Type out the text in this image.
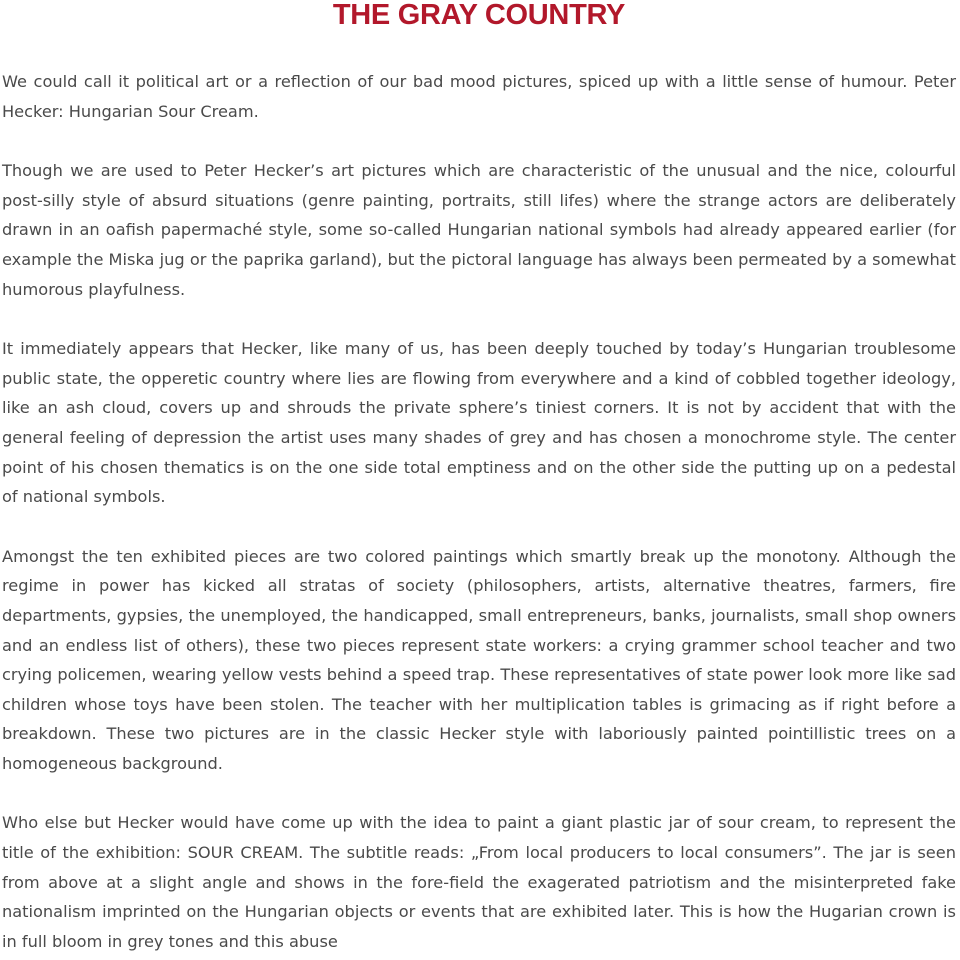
THE GRAY COUNTRY

We could call it political art or a reflection of our bad mood pictures, spiced up with a little sense of humour. Peter Hecker: Hungarian Sour Cream.

Though we are used to Peter Hecker’s art pictures which are characteristic of the unusual and the nice, colourful post-silly style of absurd situations (genre painting, portraits, still lifes) where the strange actors are deliberately drawn in an oafish papermaché style, some so-called Hungarian national symbols had already appeared earlier (for example the Miska jug or the paprika garland), but the pictoral language has always been permeated by a somewhat humorous playfulness.

It immediately appears that Hecker, like many of us, has been deeply touched by today’s Hungarian troublesome public state, the opperetic country where lies are flowing from everywhere and a kind of cobbled together ideology, like an ash cloud, covers up and shrouds the private sphere’s tiniest corners. It is not by accident that with the general feeling of depression the artist uses many shades of grey and has chosen a monochrome style. The center point of his chosen thematics is on the one side total emptiness and on the other side the putting up on a pedestal of national symbols.

Amongst the ten exhibited pieces are two colored paintings which smartly break up the monotony. Although the regime in power has kicked all stratas of society (philosophers, artists, alternative theatres, farmers, fire departments, gypsies, the unemployed, the handicapped, small entrepreneurs, banks, journalists, small shop owners and an endless list of others), these two pieces represent state workers: a crying grammer school teacher and two crying policemen, wearing yellow vests behind a speed trap. These representatives of state power look more like sad children whose toys have been stolen. The teacher with her multiplication tables is grimacing as if right before a breakdown. These two pictures are in the classic Hecker style with laboriously painted pointillistic trees on a homogeneous background.

Who else but Hecker would have come up with the idea to paint a giant plastic jar of sour cream, to represent the title of the exhibition: SOUR CREAM. The subtitle reads: „From local producers to local consumers”. The jar is seen from above at a slight angle and shows in the fore-field the exagerated patriotism and the misinterpreted fake nationalism imprinted on the Hungarian objects or events that are exhibited later. This is how the Hugarian crown is in full bloom in grey tones and this abuse
